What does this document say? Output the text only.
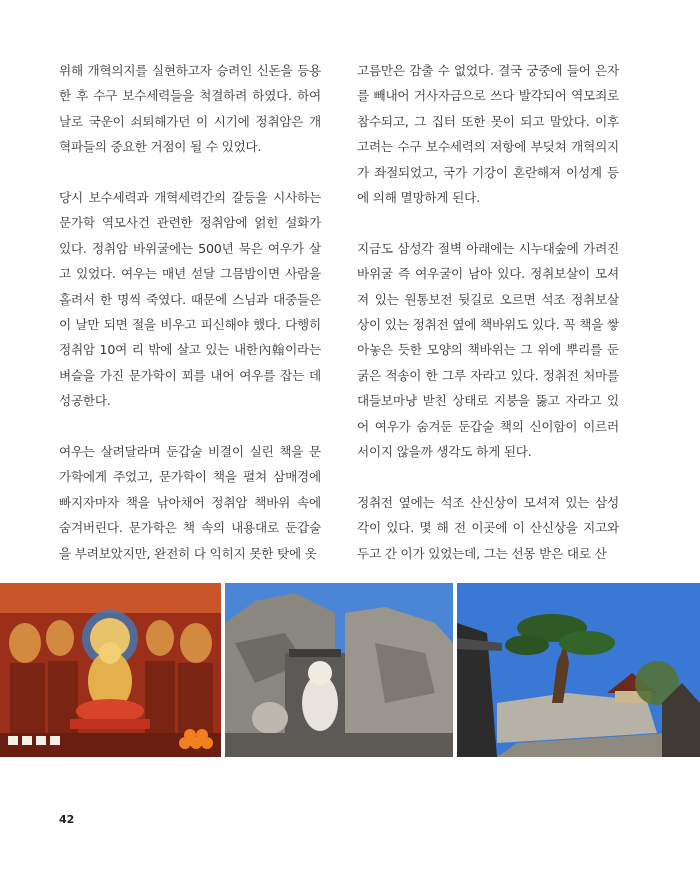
위해 개혁의지를 실현하고자 승려인 신돈을 등용한 후 수구 보수세력들을 척결하려 하였다. 하여 날로 국운이 쇠퇴해가던 이 시기에 정취암은 개혁파들의 중요한 거점이 될 수 있었다.

당시 보수세력과 개혁세력간의 갈등을 시사하는 문가학 역모사건 관련한 정취암에 얽힌 설화가 있다. 정취암 바위굴에는 500년 묵은 여우가 살고 있었다. 여우는 매년 섣달 그믐밤이면 사람을 홀려서 한 명씩 죽였다. 때문에 스님과 대중들은 이 날만 되면 절을 비우고 피신해야 했다. 다행히 정취암 10여 리 밖에 살고 있는 내한內翰이라는 벼슬을 가진 문가학이 꾀를 내어 여우를 잡는 데 성공한다.

여우는 살려달라며 둔갑술 비결이 실린 책을 문가학에게 주었고, 문가학이 책을 펼쳐 삼매경에 빠지자마자 책을 낚아채어 정취암 책바위 속에 숨겨버린다. 문가학은 책 속의 내용대로 둔갑술을 부려보았지만, 완전히 다 익히지 못한 탓에 옷

고름만은 감출 수 없었다. 결국 궁중에 들어 은자를 빼내어 거사자금으로 쓰다 발각되어 역모죄로 참수되고, 그 집터 또한 못이 되고 말았다. 이후 고려는 수구 보수세력의 저항에 부딪쳐 개혁의지가 좌절되었고, 국가 기강이 혼란해져 이성계 등에 의해 멸망하게 된다.

지금도 삼성각 절벽 아래에는 시누대숲에 가려진 바위굴 즉 여우굴이 남아 있다. 정취보살이 모셔져 있는 원통보전 뒷길로 오르면 석조 정취보살상이 있는 정취전 옆에 책바위도 있다. 꼭 책을 쌓아놓은 듯한 모양의 책바위는 그 위에 뿌리를 둔 굵은 적송이 한 그루 자라고 있다. 정취전 처마를 대들보마냥 받친 상태로 지붕을 뚫고 자라고 있어 여우가 숨겨둔 둔갑술 책의 신이함이 이르러서이지 않을까 생각도 하게 된다.

정취전 옆에는 석조 산신상이 모셔져 있는 삼성각이 있다. 몇 해 전 이곳에 이 산신상을 지고와 두고 간 이가 있었는데, 그는 선몽 받은 대로 산

42
